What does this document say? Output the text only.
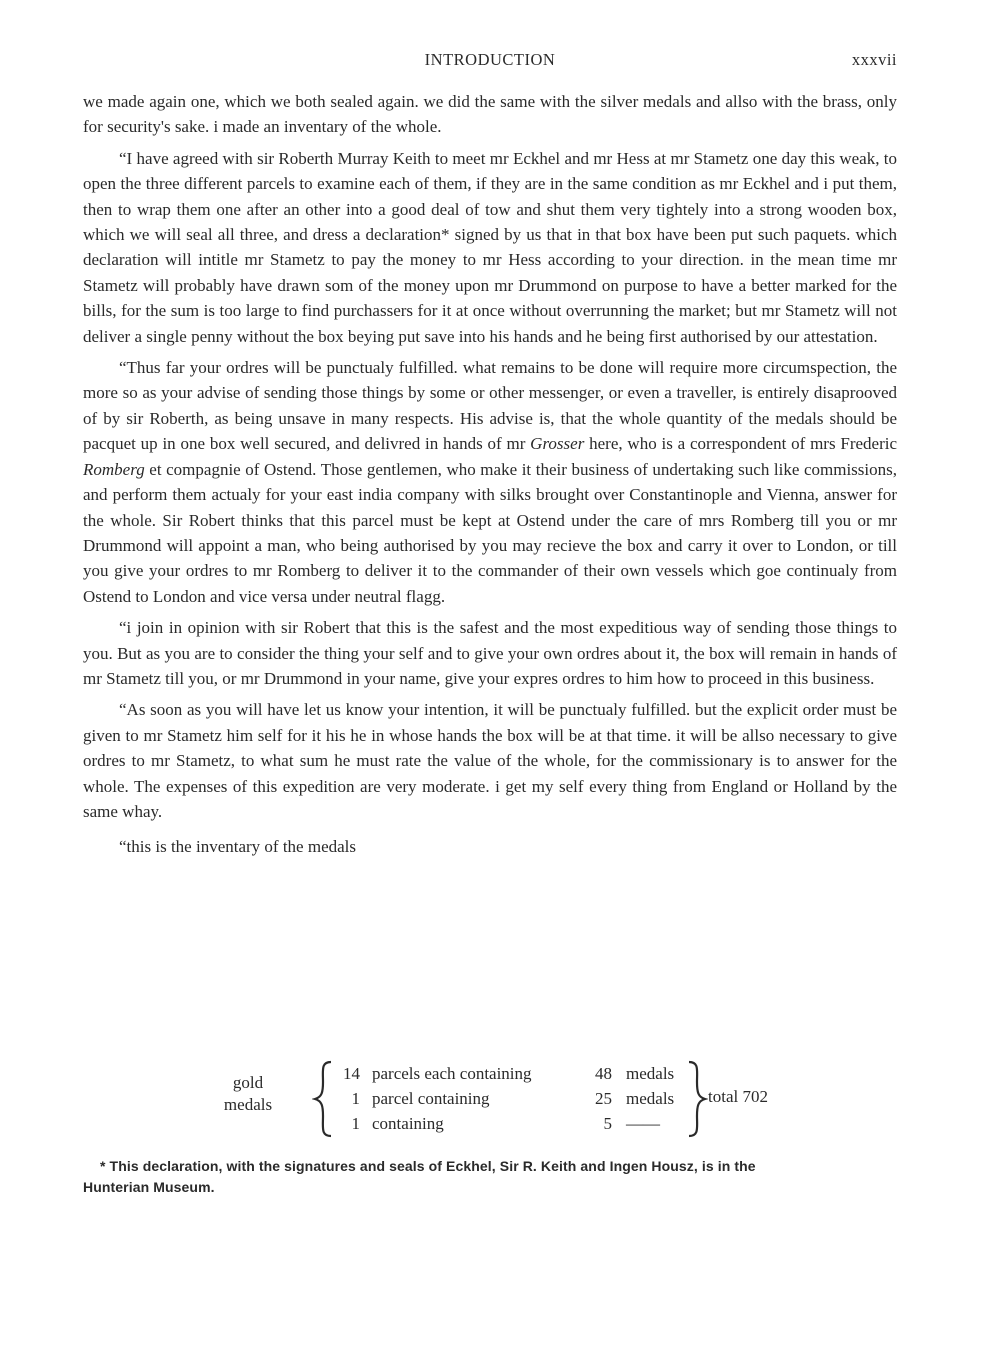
INTRODUCTION	xxxvii

we made again one, which we both sealed again. we did the same with the silver medals and allso with the brass, only for security's sake. i made an inventary of the whole.

“I have agreed with sir Roberth Murray Keith to meet mr Eckhel and mr Hess at mr Stametz one day this weak, to open the three different parcels to examine each of them, if they are in the same condition as mr Eckhel and i put them, then to wrap them one after an other into a good deal of tow and shut them very tightely into a strong wooden box, which we will seal all three, and dress a declaration* signed by us that in that box have been put such paquets. which declaration will intitle mr Stametz to pay the money to mr Hess according to your direction. in the mean time mr Stametz will probably have drawn som of the money upon mr Drummond on purpose to have a better marked for the bills, for the sum is too large to find purchassers for it at once without overrunning the market; but mr Stametz will not deliver a single penny without the box beying put save into his hands and he being first authorised by our attestation.

“Thus far your ordres will be punctualy fulfilled. what remains to be done will require more circumspection, the more so as your advise of sending those things by some or other messenger, or even a traveller, is entirely disaprooved of by sir Roberth, as being unsave in many respects. His advise is, that the whole quantity of the medals should be pacquet up in one box well secured, and delivred in hands of mr Grosser here, who is a correspondent of mrs Frederic Romberg et compagnie of Ostend. Those gentlemen, who make it their business of undertaking such like commissions, and perform them actualy for your east india company with silks brought over Constantinople and Vienna, answer for the whole. Sir Robert thinks that this parcel must be kept at Ostend under the care of mrs Romberg till you or mr Drummond will appoint a man, who being authorised by you may recieve the box and carry it over to London, or till you give your ordres to mr Romberg to deliver it to the commander of their own vessels which goe continualy from Ostend to London and vice versa under neutral flagg.

“i join in opinion with sir Robert that this is the safest and the most expeditious way of sending those things to you. But as you are to consider the thing your self and to give your own ordres about it, the box will remain in hands of mr Stametz till you, or mr Drummond in your name, give your expres ordres to him how to proceed in this business.

“As soon as you will have let us know your intention, it will be punctualy fulfilled. but the explicit order must be given to mr Stametz him self for it his he in whose hands the box will be at that time. it will be allso necessary to give ordres to mr Stametz, to what sum he must rate the value of the whole, for the commissionary is to answer for the whole. The expenses of this expedition are very moderate. i get my self every thing from England or Holland by the same whay.

“this is the inventary of the medals

gold
medals
14 parcels each containing	48 medals
1 parcel containing	25 medals
1 containing	5 ——
total 702
* This declaration, with the signatures and seals of Eckhel, Sir R. Keith and Ingen Housz, is in the
Hunterian Museum.
